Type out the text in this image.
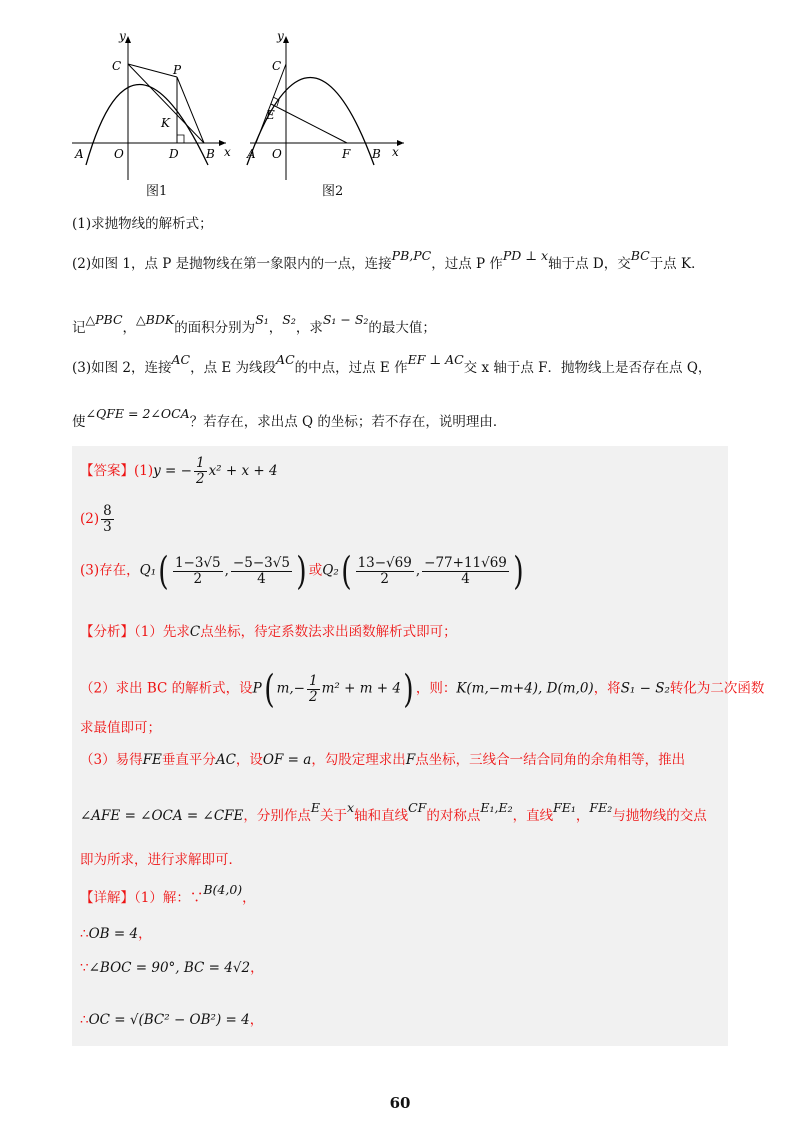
y
x
C	P
K
A	O	D B
y
x
C
E
A O	F B
图1	图2
(1)求抛物线的解析式；
(2)如图 1，点 P 是抛物线在第一象限内的一点，连接PB,PC，过点 P 作PD ⊥ x轴于点 D，交BC于点 K．
记△PBC，△BDK的面积分别为S₁，S₂，求S₁ − S₂的最大值；
(3)如图 2，连接AC，点 E 为线段AC的中点，过点 E 作EF ⊥ AC交 x 轴于点 F．抛物线上是否存在点 Q，
使∠QFE = 2∠OCA？若存在，求出点 Q 的坐标；若不存在，说明理由．
【答案】(1)y = − $\frac{1}{2} x^2 + x + 4$
$(2) \frac{8}{3}$
(3)存在，$Q_1( \frac{1-3√5}{2}$ , $\frac{-5-3√5}{4}$ ) 或$Q_2( \frac{13-√69}{2}$ , $\frac{-77+11√69}{4}$ )
【分析】（1）先求C点坐标，待定系数法求出函数解析式即可；
（2）求出 BC 的解析式，设P( $m,- \frac{1}{2} m^2 + m + 4$) ，则：K(m,−m+4), D(m,0)，将S₁ − S₂转化为二次函数
求最值即可；
（3）易得FE垂直平分AC，设OF = a，勾股定理求出F点坐标，三线合一结合同角的余角相等，推出
∠AFE = ∠OCA = ∠CFE，分别作点E关于x轴和直线CF的对称点E₁,E₂，直线FE₁，FE₂与抛物线的交点
即为所求，进行求解即可．
【详解】（1）解：∵B(4,0)，
∴OB = 4，
∵∠BOC = 90°, BC = 4√2，
∴OC = √(BC² − OB²) = 4，
60
